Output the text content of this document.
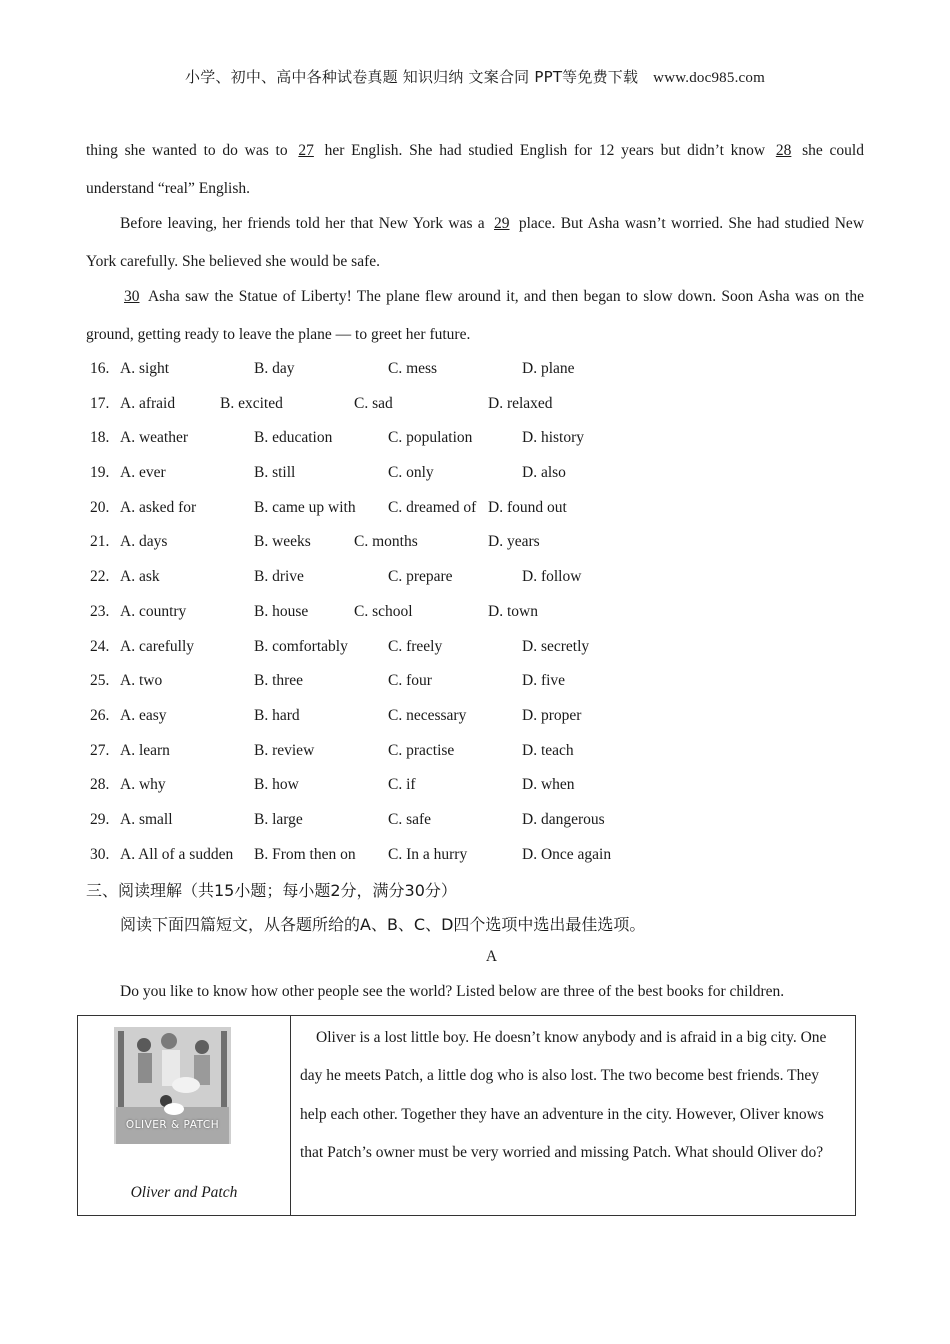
小学、初中、高中各种试卷真题 知识归纳 文案合同 PPT等免费下载 www.doc985.com
thing she wanted to do was to 27 her English. She had studied English for 12 years but didn’t know 28 she could understand “real” English.
Before leaving, her friends told her that New York was a 29 place. But Asha wasn’t worried. She had studied New York carefully. She believed she would be safe.
30 Asha saw the Statue of Liberty! The plane flew around it, and then began to slow down. Soon Asha was on the ground, getting ready to leave the plane — to greet her future.
16. A. sight	B. day	C. mess	D. plane
17. A. afraid	B. excited	C. sad	D. relaxed
18. A. weather	B. education	C. population	D. history
19. A. ever	B. still	C. only	D. also
20. A. asked for	B. came up with C. dreamed of D. found out
21. A. days	B. weeks	C. months	D. years
22. A. ask	B. drive	C. prepare	D. follow
23. A. country	B. house	C. school	D. town
24. A. carefully	B. comfortably	C. freely	D. secretly
25. A. two	B. three	C. four	D. five
26. A. easy	B. hard	C. necessary	D. proper
27. A. learn	B. review	C. practise	D. teach
28. A. why	B. how	C. if	D. when
29. A. small	B. large	C. safe	D. dangerous
30. A. All of a sudden B. From then on C. In a hurry	D. Once again
三、阅读理解（共15小题；每小题2分，满分30分）
阅读下面四篇短文，从各题所给的A、B、C、D四个选项中选出最佳选项。
A
Do you like to know how other people see the world? Listed below are three of the best books for children.
OLIVER & PATCH
Oliver and Patch

Oliver is a lost little boy. He doesn’t know anybody and is afraid in a big city. One day he meets Patch, a little dog who is also lost. The two become best friends. They help each other. Together they have an adventure in the city. However, Oliver knows that Patch’s owner must be very worried and missing Patch. What should Oliver do?
